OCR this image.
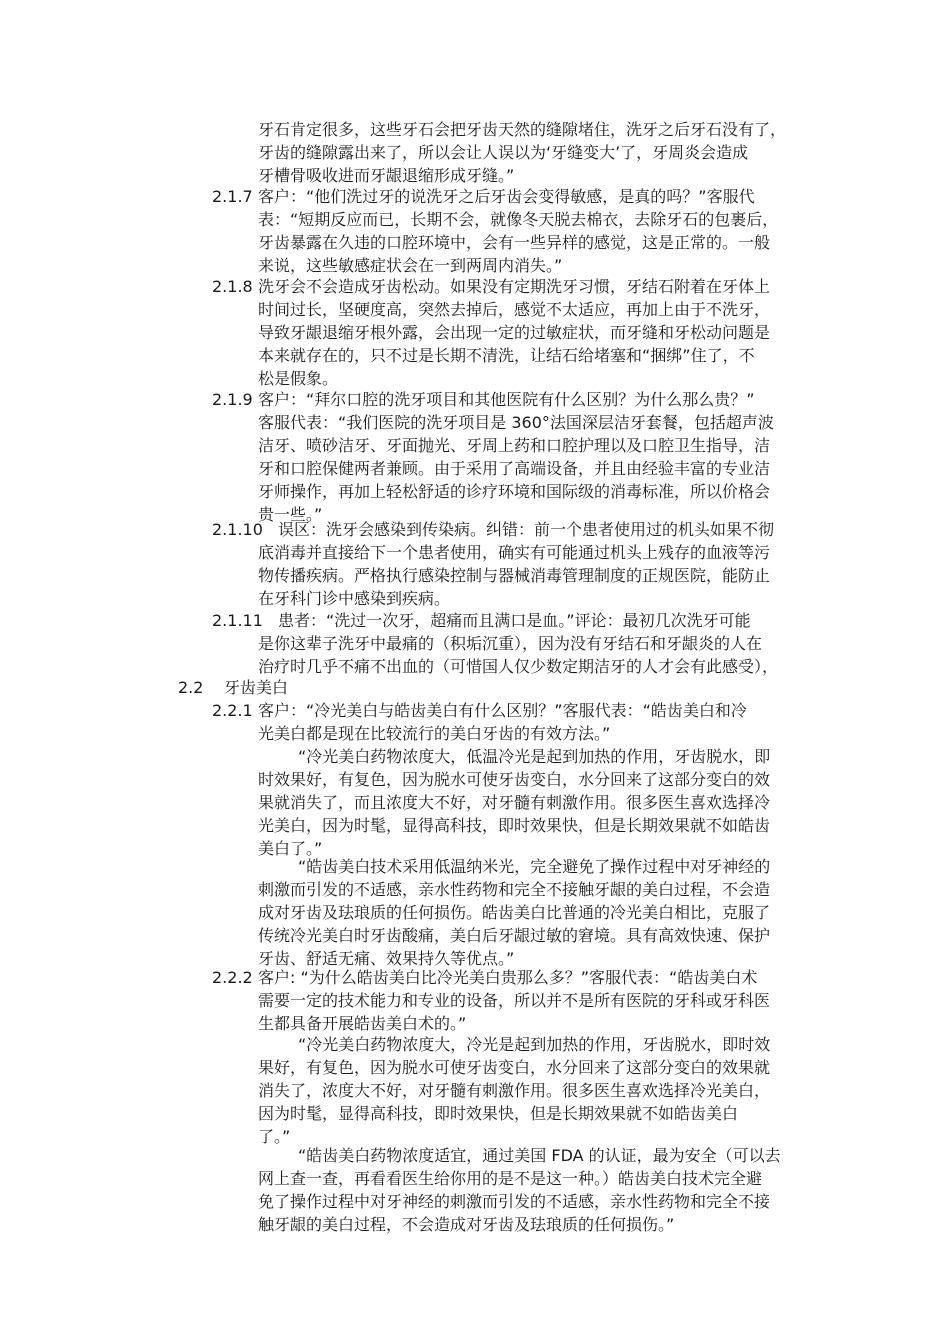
牙石肯定很多，这些牙石会把牙齿天然的缝隙堵住，洗牙之后牙石没有了，
牙齿的缝隙露出来了，所以会让人误以为‘牙缝变大’了，牙周炎会造成
牙槽骨吸收进而牙龈退缩形成牙缝。”
2.1.7 客户：“他们洗过牙的说洗牙之后牙齿会变得敏感，是真的吗？”客服代
表：“短期反应而已，长期不会，就像冬天脱去棉衣，去除牙石的包裹后，
牙齿暴露在久违的口腔环境中，会有一些异样的感觉，这是正常的。一般
来说，这些敏感症状会在一到两周内消失。”
2.1.8 洗牙会不会造成牙齿松动。如果没有定期洗牙习惯，牙结石附着在牙体上
时间过长，坚硬度高，突然去掉后，感觉不太适应，再加上由于不洗牙，
导致牙龈退缩牙根外露，会出现一定的过敏症状，而牙缝和牙松动问题是
本来就存在的，只不过是长期不清洗，让结石给堵塞和“捆绑”住了，不
松是假象。
2.1.9 客户：“拜尔口腔的洗牙项目和其他医院有什么区别？为什么那么贵？”
客服代表：“我们医院的洗牙项目是 360°法国深层洁牙套餐，包括超声波
洁牙、喷砂洁牙、牙面抛光、牙周上药和口腔护理以及口腔卫生指导，洁
牙和口腔保健两者兼顾。由于采用了高端设备，并且由经验丰富的专业洁
牙师操作，再加上轻松舒适的诊疗环境和国际级的消毒标准，所以价格会
贵一些。”
2.1.10 误区：洗牙会感染到传染病。纠错：前一个患者使用过的机头如果不彻
底消毒并直接给下一个患者使用，确实有可能通过机头上残存的血液等污
物传播疾病。严格执行感染控制与器械消毒管理制度的正规医院，能防止
在牙科门诊中感染到疾病。
2.1.11 患者：“洗过一次牙，超痛而且满口是血。”评论：最初几次洗牙可能
是你这辈子洗牙中最痛的（积垢沉重），因为没有牙结石和牙龈炎的人在
治疗时几乎不痛不出血的（可惜国人仅少数定期洁牙的人才会有此感受），
2.2 牙齿美白
2.2.1 客户：“冷光美白与皓齿美白有什么区别？”客服代表：“皓齿美白和冷
光美白都是现在比较流行的美白牙齿的有效方法。”
“冷光美白药物浓度大，低温冷光是起到加热的作用，牙齿脱水，即
时效果好，有复色，因为脱水可使牙齿变白，水分回来了这部分变白的效
果就消失了，而且浓度大不好，对牙髓有刺激作用。很多医生喜欢选择冷
光美白，因为时髦，显得高科技，即时效果快，但是长期效果就不如皓齿
美白了。”
“皓齿美白技术采用低温纳米光，完全避免了操作过程中对牙神经的
刺激而引发的不适感，亲水性药物和完全不接触牙龈的美白过程，不会造
成对牙齿及珐琅质的任何损伤。皓齿美白比普通的冷光美白相比，克服了
传统冷光美白时牙齿酸痛，美白后牙龈过敏的窘境。具有高效快速、保护
牙齿、舒适无痛、效果持久等优点。”
2.2.2 客户: “为什么皓齿美白比冷光美白贵那么多？”客服代表：“皓齿美白术
需要一定的技术能力和专业的设备，所以并不是所有医院的牙科或牙科医
生都具备开展皓齿美白术的。”
“冷光美白药物浓度大，冷光是起到加热的作用，牙齿脱水，即时效
果好，有复色，因为脱水可使牙齿变白，水分回来了这部分变白的效果就
消失了，浓度大不好，对牙髓有刺激作用。很多医生喜欢选择冷光美白，
因为时髦，显得高科技，即时效果快，但是长期效果就不如皓齿美白
了。”
“皓齿美白药物浓度适宜，通过美国 FDA 的认证，最为安全（可以去
网上查一查，再看看医生给你用的是不是这一种。）皓齿美白技术完全避
免了操作过程中对牙神经的刺激而引发的不适感，亲水性药物和完全不接
触牙龈的美白过程，不会造成对牙齿及珐琅质的任何损伤。”
